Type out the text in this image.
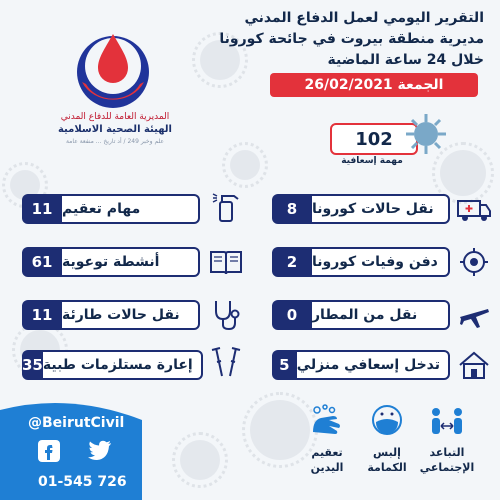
المديرية العامة للدفاع المدني
الهيئة الصحية الاسلامية
علم وخبر 249 / أد تاريخ ... منفعة عامة
التقرير اليومي لعمل الدفاع المدني
مديرية منطقة بيروت في جائحة كورونا
خلال 24 ساعة الماضية
الجمعة 26/02/2021
102
مهمة إسعافية
8	نقل حالات كورونا
2	دفن وفيات كورونا
0	نقل من المطار
5 تدخل إسعافي منزلي
11 مهام تعقيم
61 أنشطة توعوية
11 نقل حالات طارئة
35 إعارة مستلزمات طبية
@BeirutCivil
01-545 726
التباعد
الإجتماعي
إلبس
الكمامة
تعقيم
اليدين
